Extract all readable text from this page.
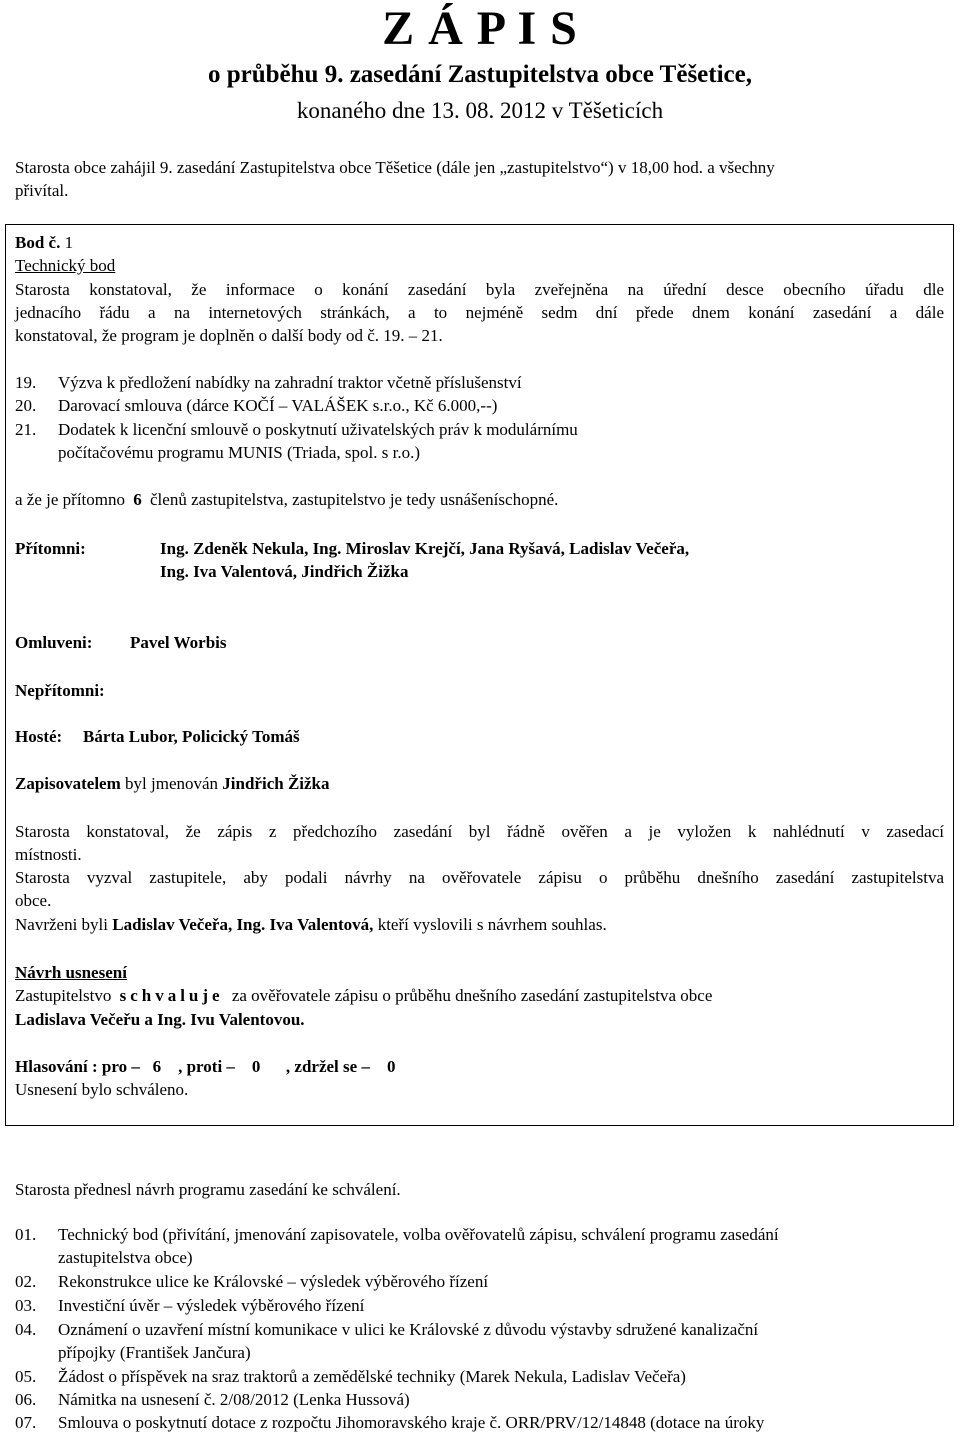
Z Á P I S
o průběhu 9. zasedání Zastupitelstva obce Těšetice,
konaného dne 13. 08. 2012 v Těšeticích
Starosta obce zahájil 9. zasedání Zastupitelstva obce Těšetice (dále jen „zastupitelstvo“) v 18,00 hod. a všechny
přivítal.
Bod č. 1
Technický bod
Starosta konstatoval, že informace o konání zasedání byla zveřejněna na úřední desce obecního úřadu dle
jednacího řádu a na internetových stránkách, a to nejméně sedm dní přede dnem konání zasedání a dále
konstatoval, že program je doplněn o další body od č. 19. – 21.
19. Výzva k předložení nabídky na zahradní traktor včetně příslušenství
20. Darovací smlouva (dárce KOČÍ – VALÁŠEK s.r.o., Kč 6.000,--)
21. Dodatek k licenční smlouvě o poskytnutí uživatelských práv k modulárnímu
počítačovému programu MUNIS (Triada, spol. s r.o.)
a že je přítomno 6 členů zastupitelstva, zastupitelstvo je tedy usnášeníschopné.
Přítomni:	Ing. Zdeněk Nekula, Ing. Miroslav Krejčí, Jana Ryšavá, Ladislav Večeřa,
Ing. Iva Valentová, Jindřich Žižka
Omluveni: Pavel Worbis
Nepřítomni:
Hosté: Bárta Lubor, Policický Tomáš
Zapisovatelem byl jmenován Jindřich Žižka
Starosta konstatoval, že zápis z předchozího zasedání byl řádně ověřen a je vyložen k nahlédnutí v zasedací
místnosti.
Starosta vyzval zastupitele, aby podali návrhy na ověřovatele zápisu o průběhu dnešního zasedání zastupitelstva
obce.
Navrženi byli Ladislav Večeřa, Ing. Iva Valentová, kteří vyslovili s návrhem souhlas.
Návrh usnesení
Zastupitelstvo schvaluje za ověřovatele zápisu o průběhu dnešního zasedání zastupitelstva obce
Ladislava Večeřu a Ing. Ivu Valentovou.
Hlasování : pro –   6    , proti –    0      , zdržel se –    0
Usnesení bylo schváleno.
Starosta přednesl návrh programu zasedání ke schválení.
01. Technický bod (přivítání, jmenování zapisovatele, volba ověřovatelů zápisu, schválení programu zasedání
zastupitelstva obce)
02. Rekonstrukce ulice ke Královské – výsledek výběrového řízení
03. Investiční úvěr – výsledek výběrového řízení
04. Oznámení o uzavření místní komunikace v ulici ke Královské z důvodu výstavby sdružené kanalizační
přípojky (František Jančura)
05. Žádost o příspěvek na sraz traktorů a zemědělské techniky (Marek Nekula, Ladislav Večeřa)
06. Námitka na usnesení č. 2/08/2012 (Lenka Hussová)
07. Smlouva o poskytnutí dotace z rozpočtu Jihomoravského kraje č. ORR/PRV/12/14848 (dotace na úroky
